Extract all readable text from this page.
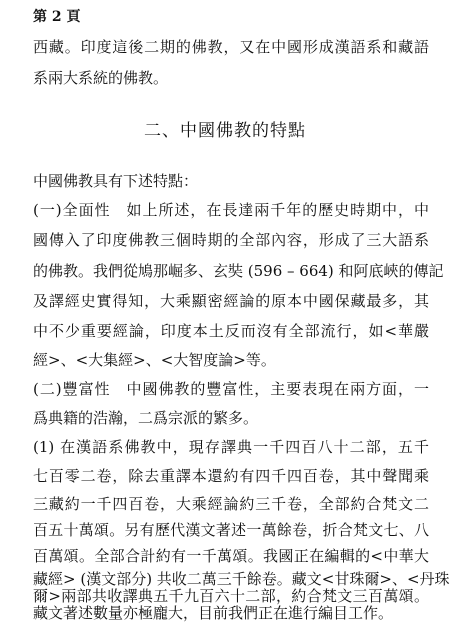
第 2 頁
西藏。印度這後二期的佛教，又在中國形成漢語系和藏語
系兩大系統的佛教。
二、中國佛教的特點
中國佛教具有下述特點：
(一)全面性　如上所述，在長達兩千年的歷史時期中，中
國傳入了印度佛教三個時期的全部內容，形成了三大語系
的佛教。我們從鳩那崛多、玄奘 (596 – 664) 和阿底峽的傳記
及譯經史實得知，大乘顯密經論的原本中國保藏最多，其
中不少重要經論，印度本土反而沒有全部流行，如<華嚴
經>、<大集經>、<大智度論>等。
(二)豐富性　中國佛教的豐富性，主要表現在兩方面，一
爲典籍的浩瀚，二爲宗派的繁多。
(1) 在漢語系佛教中，現存譯典一千四百八十二部，五千
七百零二卷，除去重譯本還約有四千四百卷，其中聲聞乘
三藏約一千四百卷，大乘經論約三千卷，全部約合梵文二
百五十萬頌。另有歷代漢文著述一萬餘卷，折合梵文七、八
百萬頌。全部合計約有一千萬頌。我國正在編輯的<中華大
藏經> (漢文部分) 共收二萬三千餘卷。藏文<甘珠爾>、<丹珠
爾>兩部共收譯典五千九百六十二部，約合梵文三百萬頌。
藏文著述數量亦極龐大，目前我們正在進行編目工作。
